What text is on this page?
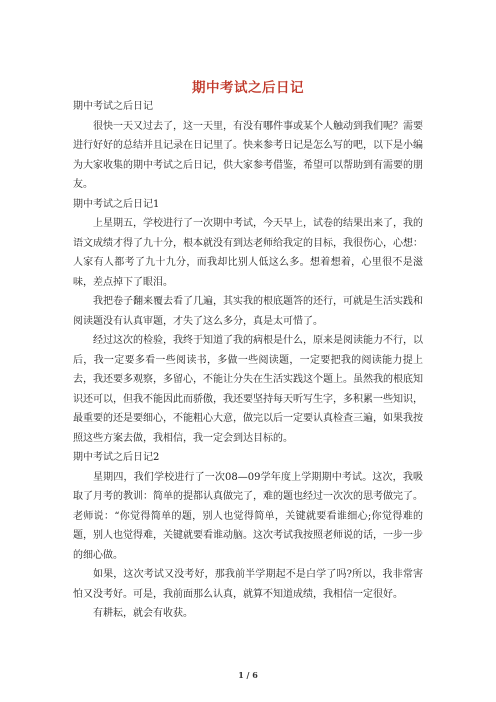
期中考试之后日记

期中考试之后日记

很快一天又过去了，这一天里，有没有哪件事或某个人触动到我们呢？需要进行好好的总结并且记录在日记里了。快来参考日记是怎么写的吧，以下是小编为大家收集的期中考试之后日记，供大家参考借鉴，希望可以帮助到有需要的朋友。

期中考试之后日记1

上星期五，学校进行了一次期中考试，今天早上，试卷的结果出来了，我的语文成绩才得了九十分，根本就没有到达老师给我定的目标，我很伤心，心想：人家有人都考了九十九分，而我却比别人低这么多。想着想着，心里很不是滋味，差点掉下了眼泪。

我把卷子翻来覆去看了几遍，其实我的根底题答的还行，可就是生活实践和阅读题没有认真审题，才失了这么多分，真是太可惜了。

经过这次的检验，我终于知道了我的病根是什么，原来是阅读能力不行，以后，我一定要多看一些阅读书，多做一些阅读题，一定要把我的阅读能力提上去，我还要多观察，多留心，不能让分失在生活实践这个题上。虽然我的根底知识还可以，但我不能因此而骄傲，我还要坚持每天听写生字，多积累一些知识，最重要的还是要细心，不能粗心大意，做完以后一定要认真检查三遍，如果我按照这些方案去做，我相信，我一定会到达目标的。

期中考试之后日记2

星期四，我们学校进行了一次08—09学年度上学期期中考试。这次，我吸取了月考的教训：简单的提都认真做完了，难的题也经过一次次的思考做完了。老师说：“你觉得简单的题，别人也觉得简单，关键就要看谁细心;你觉得难的题，别人也觉得难，关键就要看谁动脑。这次考试我按照老师说的话，一步一步的细心做。

如果，这次考试又没考好，那我前半学期起不是白学了吗?所以，我非常害怕又没考好。可是，我前面那么认真，就算不知道成绩，我相信一定很好。

有耕耘，就会有收获。

1 / 6
